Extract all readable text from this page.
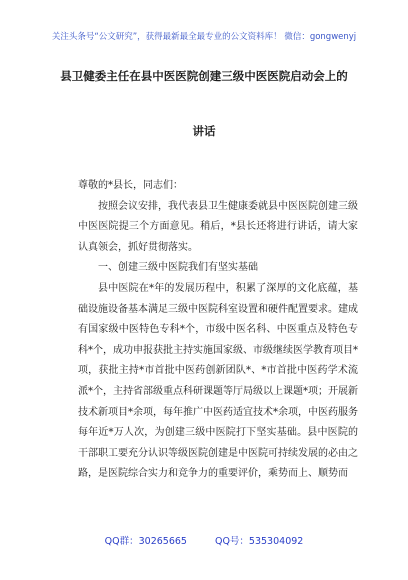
关注头条号“公文研究”，获得最新最全最专业的公文资料库！ 微信：gongwenyj
县卫健委主任在县中医医院创建三级中医医院启动会上的
讲话

尊敬的*县长，同志们：

按照会议安排，我代表县卫生健康委就县中医医院创建三级中医医院提三个方面意见。稍后，*县长还将进行讲话，请大家认真领会，抓好贯彻落实。

一、创建三级中医院我们有坚实基础

县中医院在*年的发展历程中，积累了深厚的文化底蕴，基础设施设备基本满足三级中医院科室设置和硬件配置要求。建成有国家级中医特色专科*个，市级中医名科、中医重点及特色专科*个，成功申报获批主持实施国家级、市级继续医学教育项目*项，获批主持*市首批中医药创新团队*、*市首批中医药学术流派*个，主持省部级重点科研课题等厅局级以上课题*项；开展新技术新项目*余项，每年推广中医药适宜技术*余项，中医药服务每年近*万人次，为创建三级中医院打下坚实基础。县中医院的干部职工要充分认识等级医院创建是中医院可持续发展的必由之路，是医院综合实力和竞争力的重要评价，乘势而上、顺势而

QQ群：30265665	QQ号：535304092
